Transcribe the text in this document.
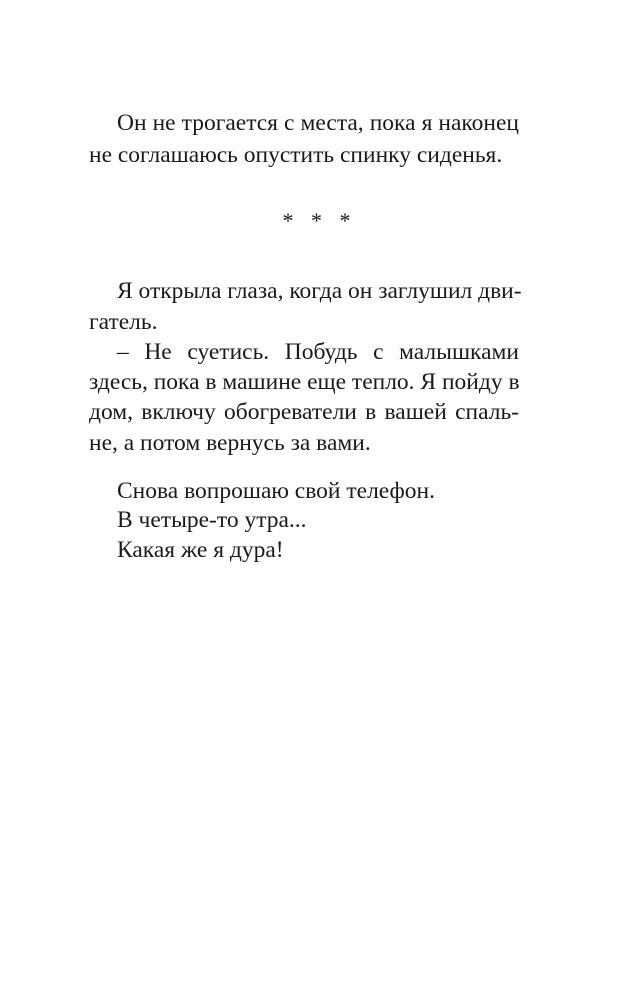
Он не трогается с места, пока я наконец
не соглашаюсь опустить спинку сиденья.
* * *
Я открыла глаза, когда он заглушил дви-
гатель.
– Не суетись. Побудь с малышками
здесь, пока в машине еще тепло. Я пойду в
дом, включу обогреватели в вашей спаль-
не, а потом вернусь за вами.
Снова вопрошаю свой телефон.
В четыре-то утра...
Какая же я дура!
